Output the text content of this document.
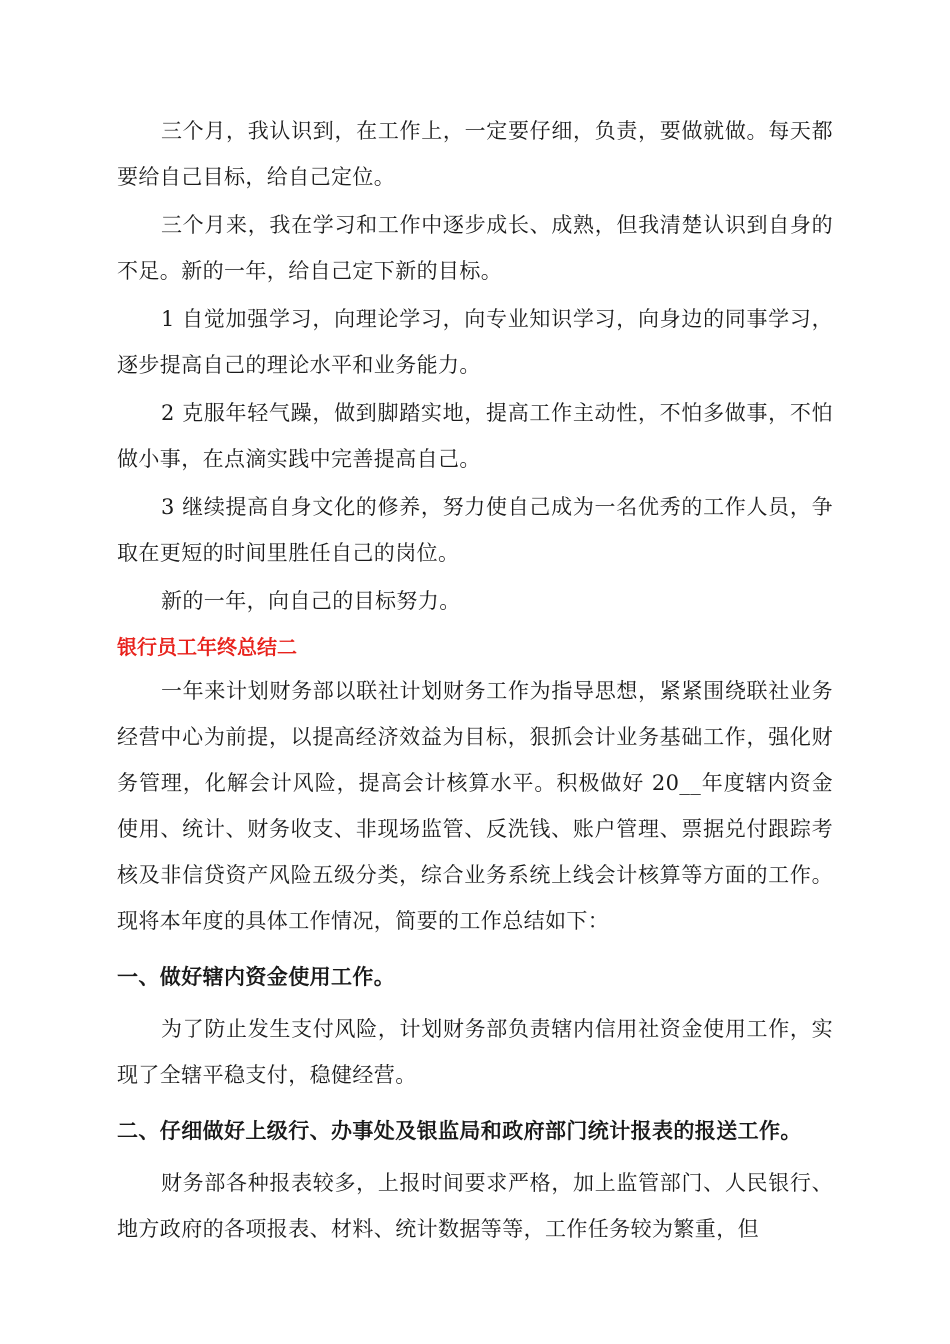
三个月，我认识到，在工作上，一定要仔细，负责，要做就做。每天都要给自己目标，给自己定位。

三个月来，我在学习和工作中逐步成长、成熟，但我清楚认识到自身的不足。新的一年，给自己定下新的目标。

1 自觉加强学习，向理论学习，向专业知识学习，向身边的同事学习，逐步提高自己的理论水平和业务能力。

2 克服年轻气躁，做到脚踏实地，提高工作主动性，不怕多做事，不怕做小事，在点滴实践中完善提高自己。

3 继续提高自身文化的修养，努力使自己成为一名优秀的工作人员，争取在更短的时间里胜任自己的岗位。

新的一年，向自己的目标努力。

银行员工年终总结二

一年来计划财务部以联社计划财务工作为指导思想，紧紧围绕联社业务经营中心为前提，以提高经济效益为目标，狠抓会计业务基础工作，强化财务管理，化解会计风险，提高会计核算水平。积极做好 20__年度辖内资金使用、统计、财务收支、非现场监管、反洗钱、账户管理、票据兑付跟踪考核及非信贷资产风险五级分类，综合业务系统上线会计核算等方面的工作。现将本年度的具体工作情况，简要的工作总结如下：

一、做好辖内资金使用工作。

为了防止发生支付风险，计划财务部负责辖内信用社资金使用工作，实现了全辖平稳支付，稳健经营。

二、仔细做好上级行、办事处及银监局和政府部门统计报表的报送工作。

财务部各种报表较多，上报时间要求严格，加上监管部门、人民银行、地方政府的各项报表、材料、统计数据等等，工作任务较为繁重，但
